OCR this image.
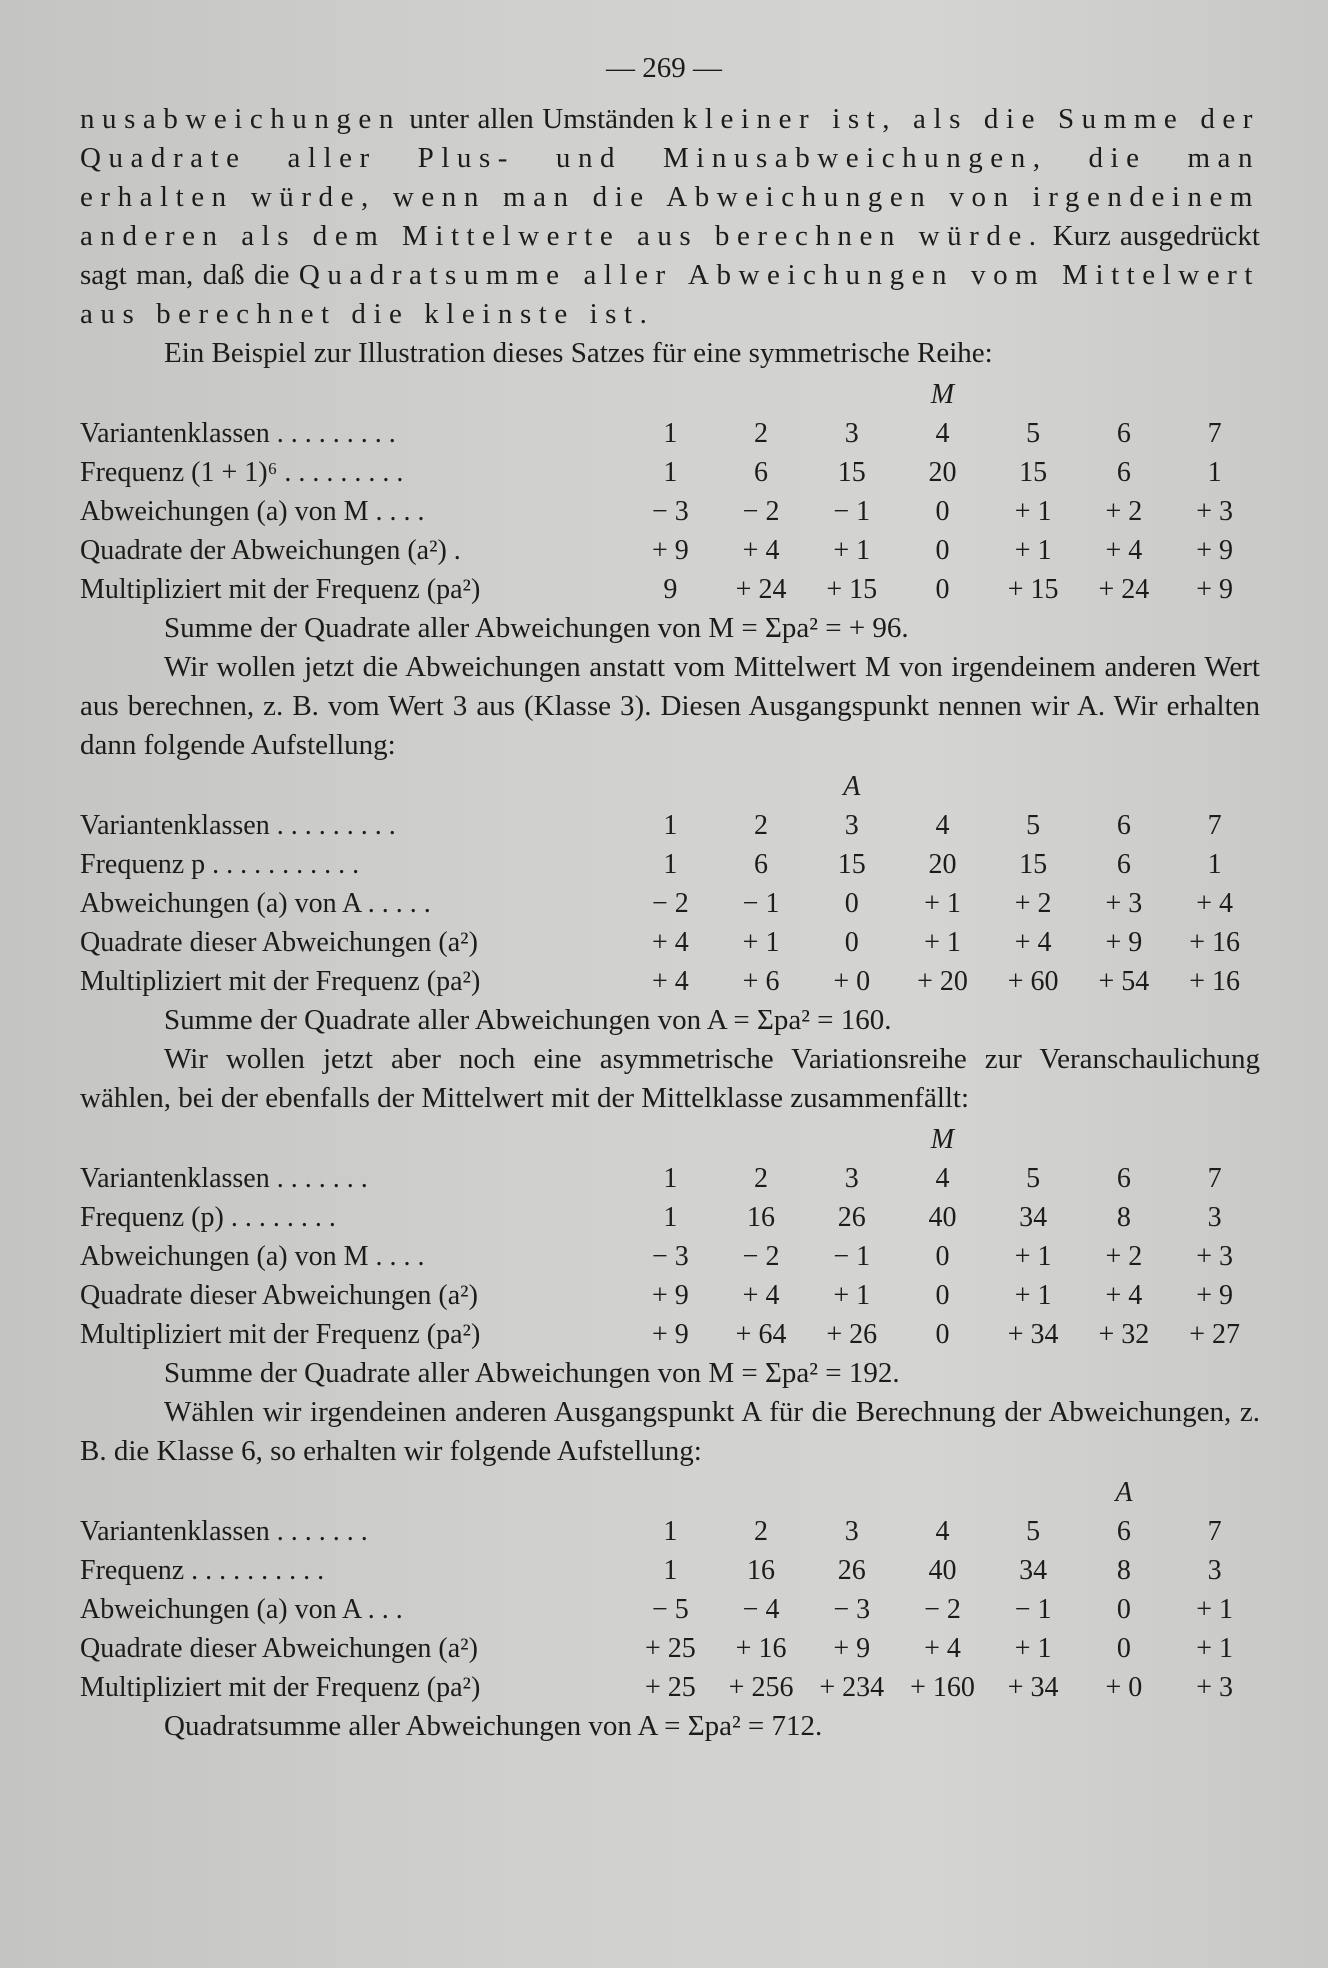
— 269 —

nusabweichungen unter allen Umständen kleiner ist, als die Summe der Quadrate aller Plus- und Minusabweichungen, die man erhalten würde, wenn man die Abweichungen von irgendeinem anderen als dem Mittelwerte aus berechnen würde. Kurz ausgedrückt sagt man, daß die Quadratsumme aller Abweichungen vom Mittelwert aus berechnet die kleinste ist.

Ein Beispiel zur Illustration dieses Satzes für eine symmetrische Reihe:

				M			
Variantenklassen . . . . . . . . .	1	2	3	4	5	6	7
Frequenz (1 + 1)⁶ . . . . . . . . .	1	6	15	20	15	6	1
Abweichungen (a) von M . . . .	− 3	− 2	− 1	0	+ 1	+ 2	+ 3
Quadrate der Abweichungen (a²) .	+ 9	+ 4	+ 1	0	+ 1	+ 4	+ 9
Multipliziert mit der Frequenz (pa²)	9	+ 24	+ 15	0	+ 15	+ 24	+ 9

Summe der Quadrate aller Abweichungen von M = Σpa² = + 96.

Wir wollen jetzt die Abweichungen anstatt vom Mittelwert M von irgendeinem anderen Wert aus berechnen, z. B. vom Wert 3 aus (Klasse 3). Diesen Ausgangspunkt nennen wir A. Wir erhalten dann folgende Aufstellung:

			A				
Variantenklassen . . . . . . . . .	1	2	3	4	5	6	7
Frequenz p . . . . . . . . . . .	1	6	15	20	15	6	1
Abweichungen (a) von A . . . . .	− 2	− 1	0	+ 1	+ 2	+ 3	+ 4
Quadrate dieser Abweichungen (a²)	+ 4	+ 1	0	+ 1	+ 4	+ 9	+ 16
Multipliziert mit der Frequenz (pa²)	+ 4	+ 6	+ 0	+ 20	+ 60	+ 54	+ 16

Summe der Quadrate aller Abweichungen von A = Σpa² = 160.

Wir wollen jetzt aber noch eine asymmetrische Variationsreihe zur Veranschaulichung wählen, bei der ebenfalls der Mittelwert mit der Mittelklasse zusammenfällt:

				M			
Variantenklassen . . . . . . .	1	2	3	4	5	6	7
Frequenz (p) . . . . . . . .	1	16	26	40	34	8	3
Abweichungen (a) von M . . . .	− 3	− 2	− 1	0	+ 1	+ 2	+ 3
Quadrate dieser Abweichungen (a²)	+ 9	+ 4	+ 1	0	+ 1	+ 4	+ 9
Multipliziert mit der Frequenz (pa²)	+ 9	+ 64	+ 26	0	+ 34	+ 32	+ 27

Summe der Quadrate aller Abweichungen von M = Σpa² = 192.

Wählen wir irgendeinen anderen Ausgangspunkt A für die Berechnung der Abweichungen, z. B. die Klasse 6, so erhalten wir folgende Aufstellung:

						A	
Variantenklassen . . . . . . .	1	2	3	4	5	6	7
Frequenz . . . . . . . . . .	1	16	26	40	34	8	3
Abweichungen (a) von A . . .	− 5	− 4	− 3	− 2	− 1	0	+ 1
Quadrate dieser Abweichungen (a²)	+ 25	+ 16	+ 9	+ 4	+ 1	0	+ 1
Multipliziert mit der Frequenz (pa²)	+ 25	+ 256	+ 234	+ 160	+ 34	+ 0	+ 3

Quadratsumme aller Abweichungen von A = Σpa² = 712.
